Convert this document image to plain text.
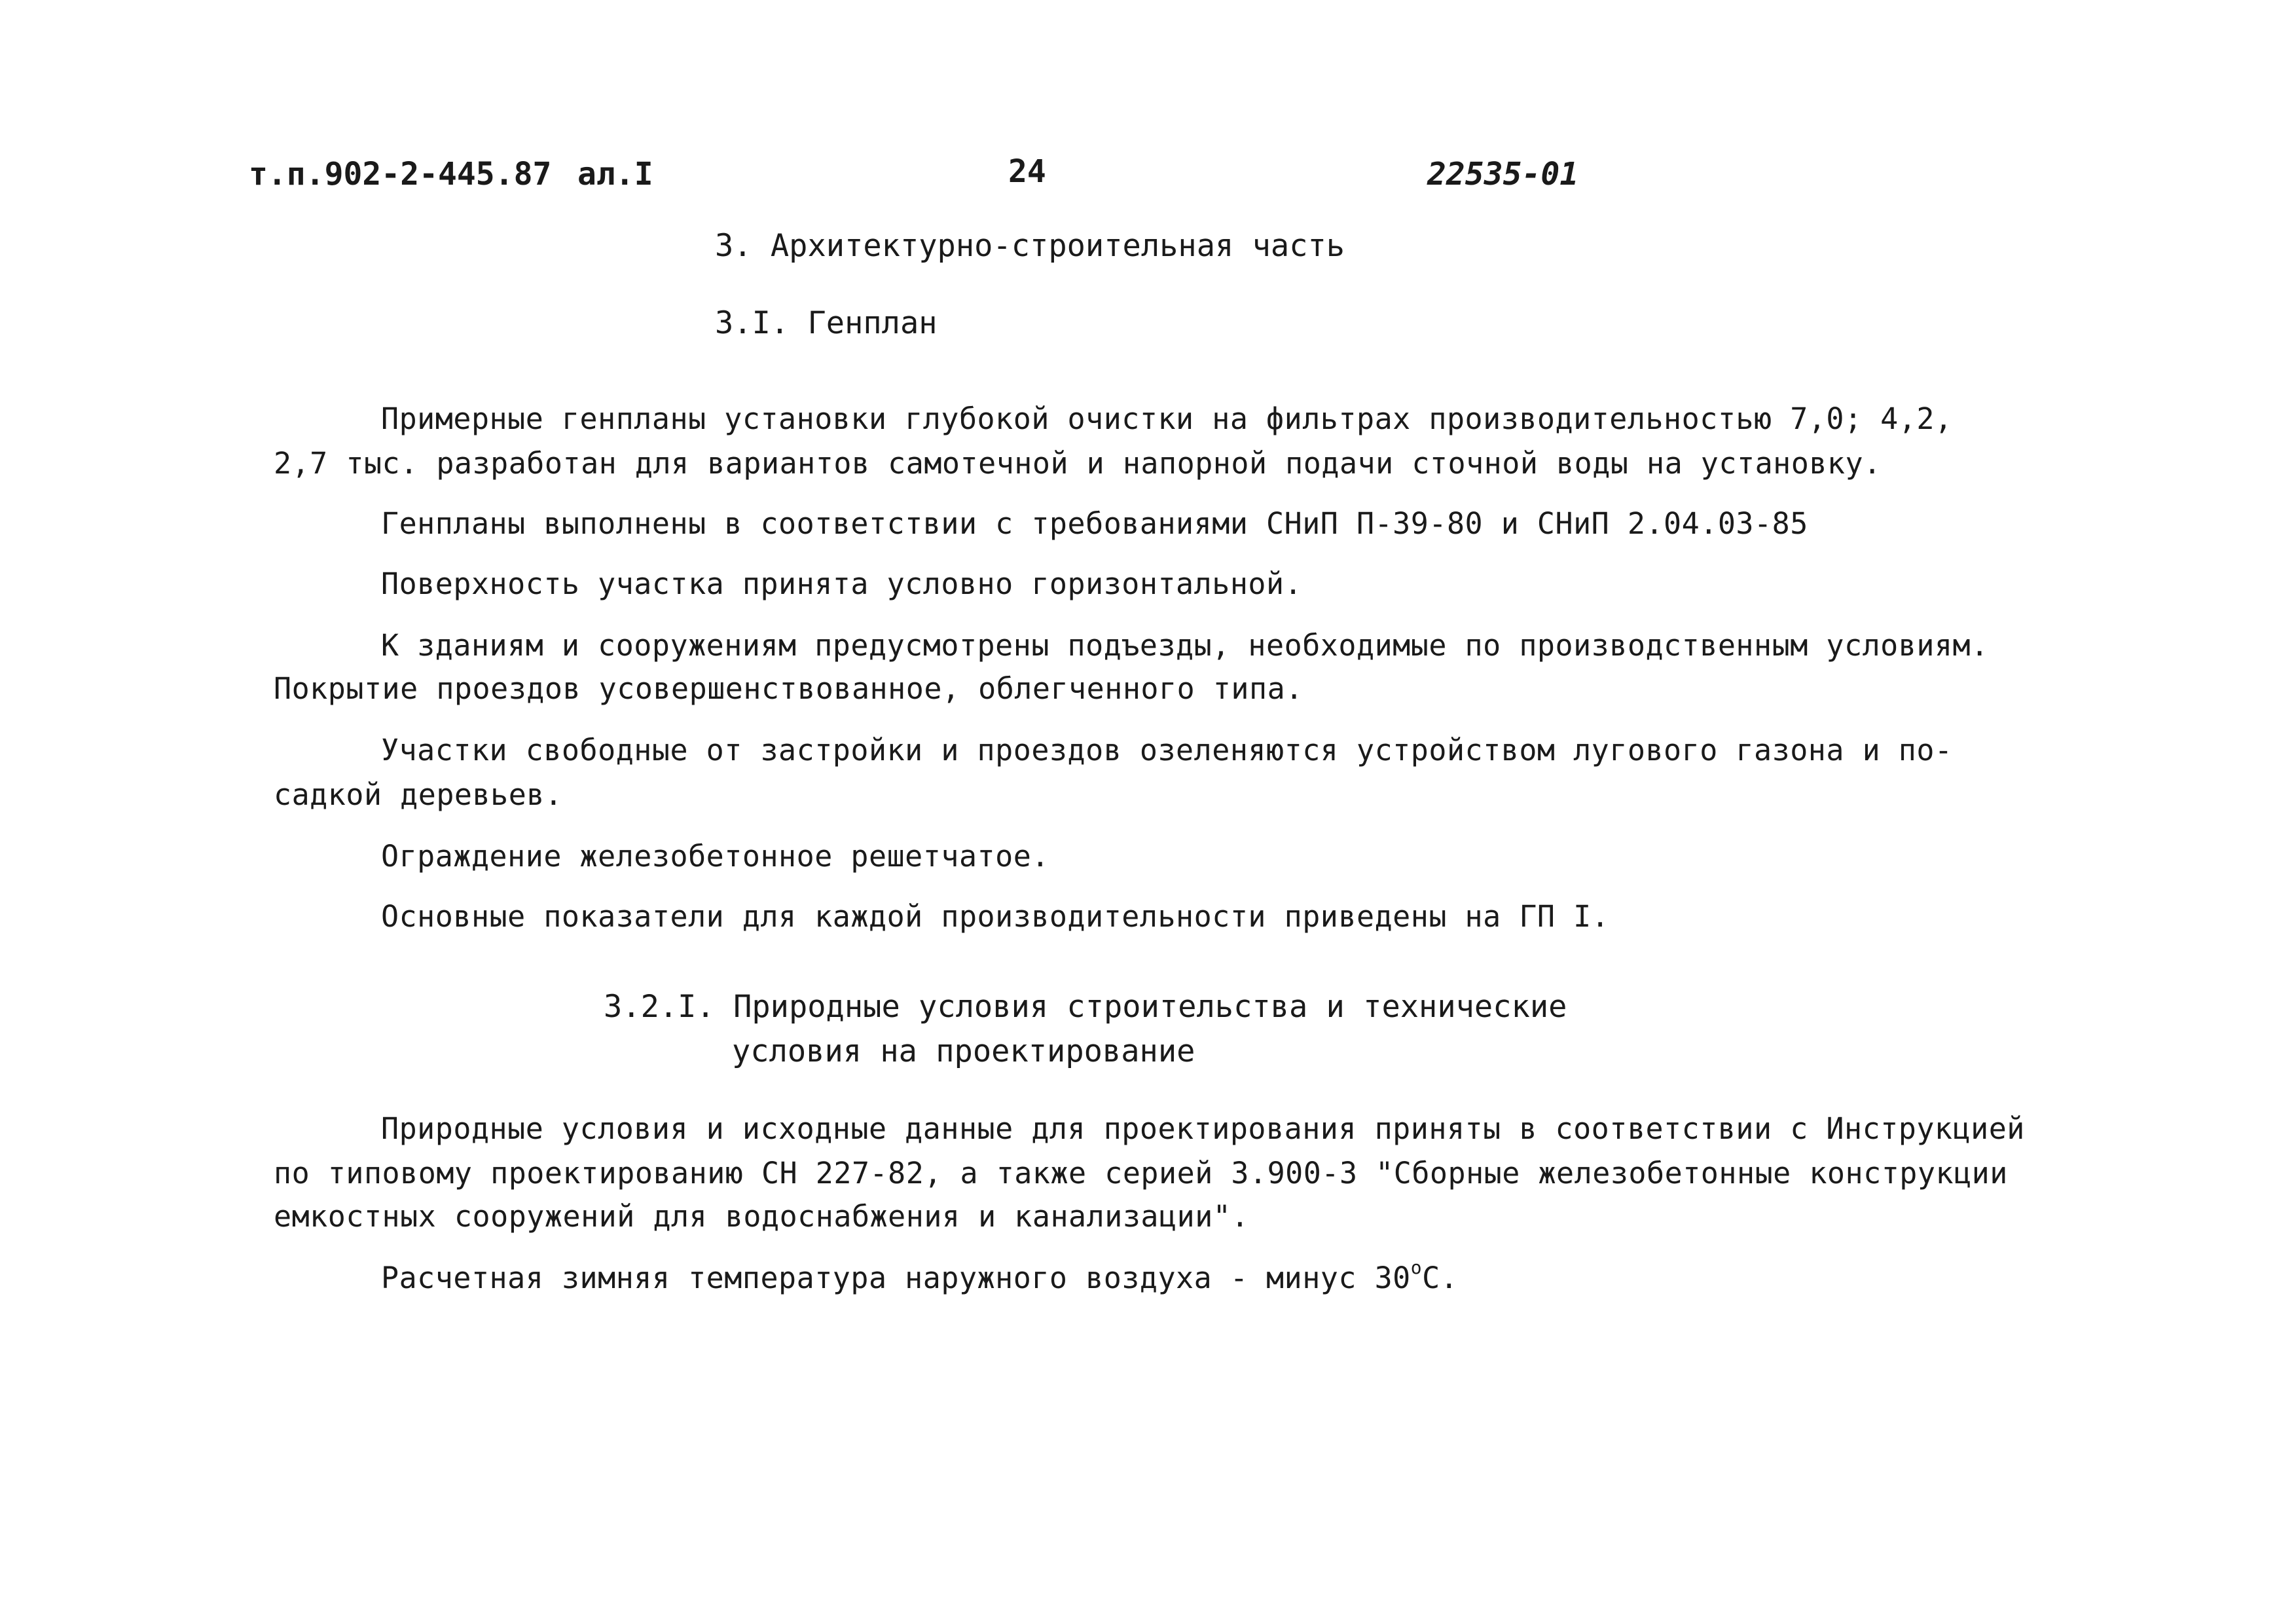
т.п.902-2-445.87 ал.I	24	22535-01
3. Архитектурно-строительная часть
3.I. Генплан
Примерные генпланы установки глубокой очистки на фильтрах производительностью 7,0; 4,2,
2,7 тыс. разработан для вариантов самотечной и напорной подачи сточной воды на установку.
Генпланы выполнены в соответствии с требованиями СНиП П-39-80 и СНиП 2.04.03-85
Поверхность участка принята условно горизонтальной.
К зданиям и сооружениям предусмотрены подъезды, необходимые по производственным условиям.
Покрытие проездов усовершенствованное, облегченного типа.
Участки свободные от застройки и проездов озеленяются устройством лугового газона и по-
садкой деревьев.
Ограждение железобетонное решетчатое.
Основные показатели для каждой производительности приведены на ГП I.
3.2.I. Природные условия строительства и технические
условия на проектирование
Природные условия и исходные данные для проектирования приняты в соответствии с Инструкцией
по типовому проектированию СН 227-82, а также серией 3.900-3 "Сборные железобетонные конструкции
емкостных сооружений для водоснабжения и канализации".
Расчетная зимняя температура наружного воздуха - минус $30^оС$.
